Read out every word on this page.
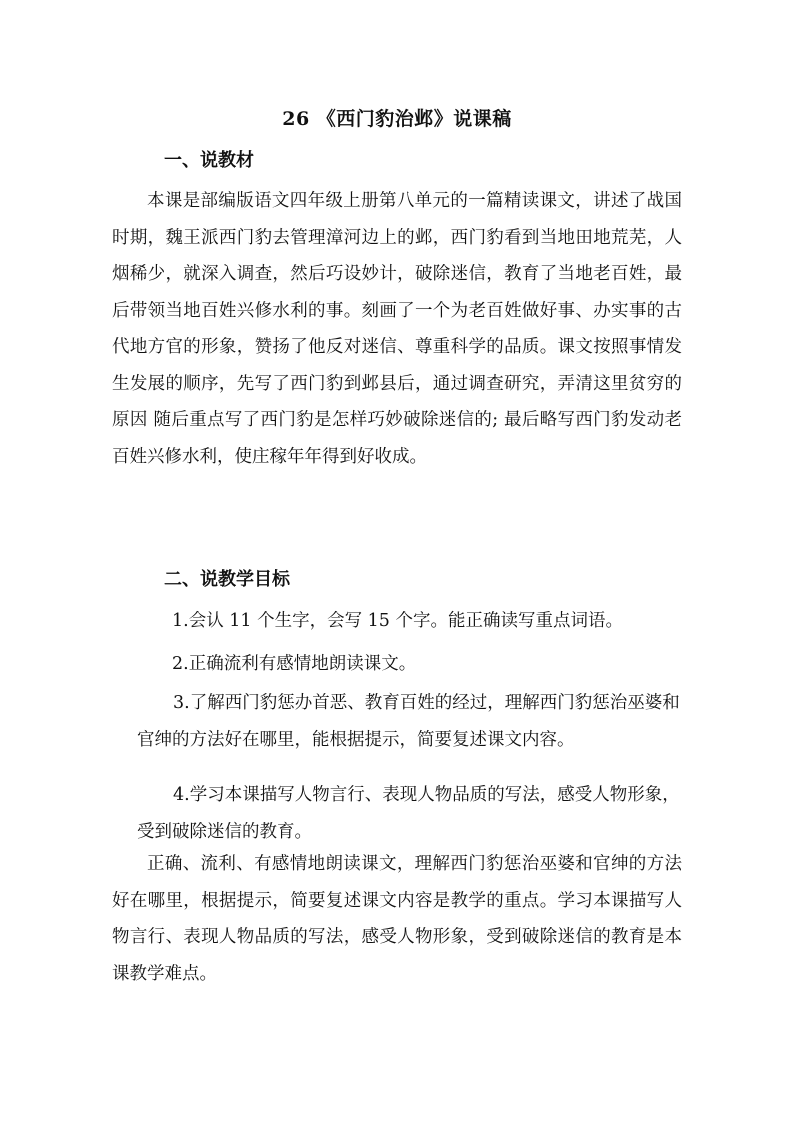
26 《西门豹治邺》说课稿
一、说教材

本课是部编版语文四年级上册第八单元的一篇精读课文，讲述了战国时期，魏王派西门豹去管理漳河边上的邺，西门豹看到当地田地荒芜，人烟稀少，就深入调查，然后巧设妙计，破除迷信，教育了当地老百姓，最后带领当地百姓兴修水利的事。刻画了一个为老百姓做好事、办实事的古代地方官的形象，赞扬了他反对迷信、尊重科学的品质。课文按照事情发生发展的顺序，先写了西门豹到邺县后，通过调查研究，弄清这里贫穷的原因 随后重点写了西门豹是怎样巧妙破除迷信的; 最后略写西门豹发动老百姓兴修水利，使庄稼年年得到好收成。

二、说教学目标

1.会认 11 个生字，会写 15 个字。能正确读写重点词语。

2.正确流利有感情地朗读课文。

3.了解西门豹惩办首恶、教育百姓的经过，理解西门豹惩治巫婆和官绅的方法好在哪里，能根据提示，简要复述课文内容。

4.学习本课描写人物言行、表现人物品质的写法，感受人物形象，受到破除迷信的教育。

正确、流利、有感情地朗读课文，理解西门豹惩治巫婆和官绅的方法好在哪里，根据提示，简要复述课文内容是教学的重点。学习本课描写人物言行、表现人物品质的写法，感受人物形象，受到破除迷信的教育是本课教学难点。
